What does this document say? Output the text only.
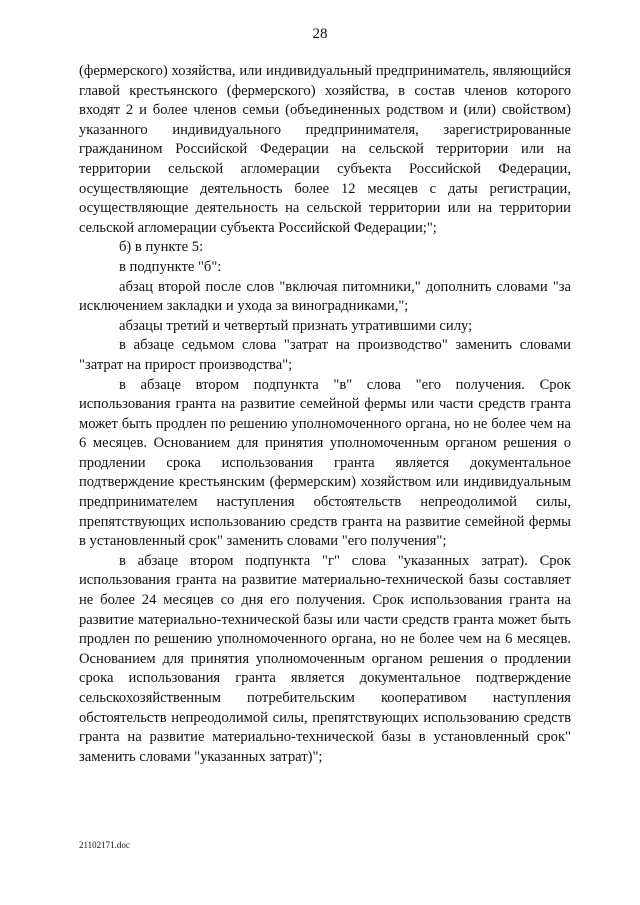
28

(фермерского) хозяйства, или индивидуальный предприниматель, являющийся главой крестьянского (фермерского) хозяйства, в состав членов которого входят 2 и более членов семьи (объединенных родством и (или) свойством) указанного индивидуального предпринимателя, зарегистрированные гражданином Российской Федерации на сельской территории или на территории сельской агломерации субъекта Российской Федерации, осуществляющие деятельность более 12 месяцев с даты регистрации, осуществляющие деятельность на сельской территории или на территории сельской агломерации субъекта Российской Федерации;";

б) в пункте 5:

в подпункте "б":

абзац второй после слов "включая питомники," дополнить словами "за исключением закладки и ухода за виноградниками,";

абзацы третий и четвертый признать утратившими силу;

в абзаце седьмом слова "затрат на производство" заменить словами "затрат на прирост производства";

в абзаце втором подпункта "в" слова "его получения. Срок использования гранта на развитие семейной фермы или части средств гранта может быть продлен по решению уполномоченного органа, но не более чем на 6 месяцев. Основанием для принятия уполномоченным органом решения о продлении срока использования гранта является документальное подтверждение крестьянским (фермерским) хозяйством или индивидуальным предпринимателем наступления обстоятельств непреодолимой силы, препятствующих использованию средств гранта на развитие семейной фермы в установленный срок" заменить словами "его получения";

в абзаце втором подпункта "г" слова "указанных затрат). Срок использования гранта на развитие материально-технической базы составляет не более 24 месяцев со дня его получения. Срок использования гранта на развитие материально-технической базы или части средств гранта может быть продлен по решению уполномоченного органа, но не более чем на 6 месяцев. Основанием для принятия уполномоченным органом решения о продлении срока использования гранта является документальное подтверждение сельскохозяйственным потребительским кооперативом наступления обстоятельств непреодолимой силы, препятствующих использованию средств гранта на развитие материально-технической базы в установленный срок" заменить словами "указанных затрат)";

21102171.doc
